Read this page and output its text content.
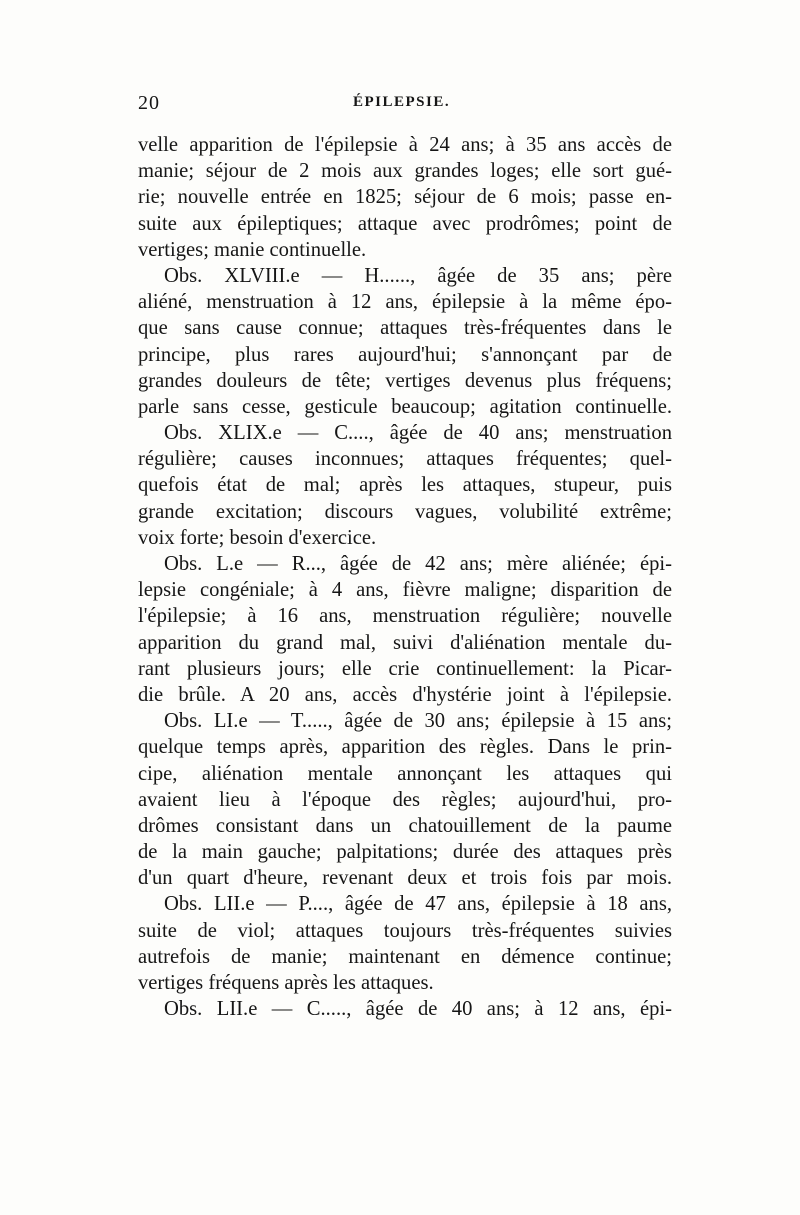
20	ÉPILEPSIE.
velle apparition de l'épilepsie à 24 ans; à 35 ans accès de
manie; séjour de 2 mois aux grandes loges; elle sort gué-
rie; nouvelle entrée en 1825; séjour de 6 mois; passe en-
suite aux épileptiques; attaque avec prodrômes; point de
vertiges; manie continuelle.
Obs. XLVIII.e — H......, âgée de 35 ans; père
aliéné, menstruation à 12 ans, épilepsie à la même épo-
que sans cause connue; attaques très-fréquentes dans le
principe, plus rares aujourd'hui; s'annonçant par de
grandes douleurs de tête; vertiges devenus plus fréquens;
parle sans cesse, gesticule beaucoup; agitation continuelle.
Obs. XLIX.e — C...., âgée de 40 ans; menstruation
régulière; causes inconnues; attaques fréquentes; quel-
quefois état de mal; après les attaques, stupeur, puis
grande excitation; discours vagues, volubilité extrême;
voix forte; besoin d'exercice.
Obs. L.e — R..., âgée de 42 ans; mère aliénée; épi-
lepsie congéniale; à 4 ans, fièvre maligne; disparition de
l'épilepsie; à 16 ans, menstruation régulière; nouvelle
apparition du grand mal, suivi d'aliénation mentale du-
rant plusieurs jours; elle crie continuellement: la Picar-
die brûle. A 20 ans, accès d'hystérie joint à l'épilepsie.
Obs. LI.e — T....., âgée de 30 ans; épilepsie à 15 ans;
quelque temps après, apparition des règles. Dans le prin-
cipe, aliénation mentale annonçant les attaques qui
avaient lieu à l'époque des règles; aujourd'hui, pro-
drômes consistant dans un chatouillement de la paume
de la main gauche; palpitations; durée des attaques près
d'un quart d'heure, revenant deux et trois fois par mois.
Obs. LII.e — P...., âgée de 47 ans, épilepsie à 18 ans,
suite de viol; attaques toujours très-fréquentes suivies
autrefois de manie; maintenant en démence continue;
vertiges fréquens après les attaques.
Obs. LII.e — C....., âgée de 40 ans; à 12 ans, épi-
